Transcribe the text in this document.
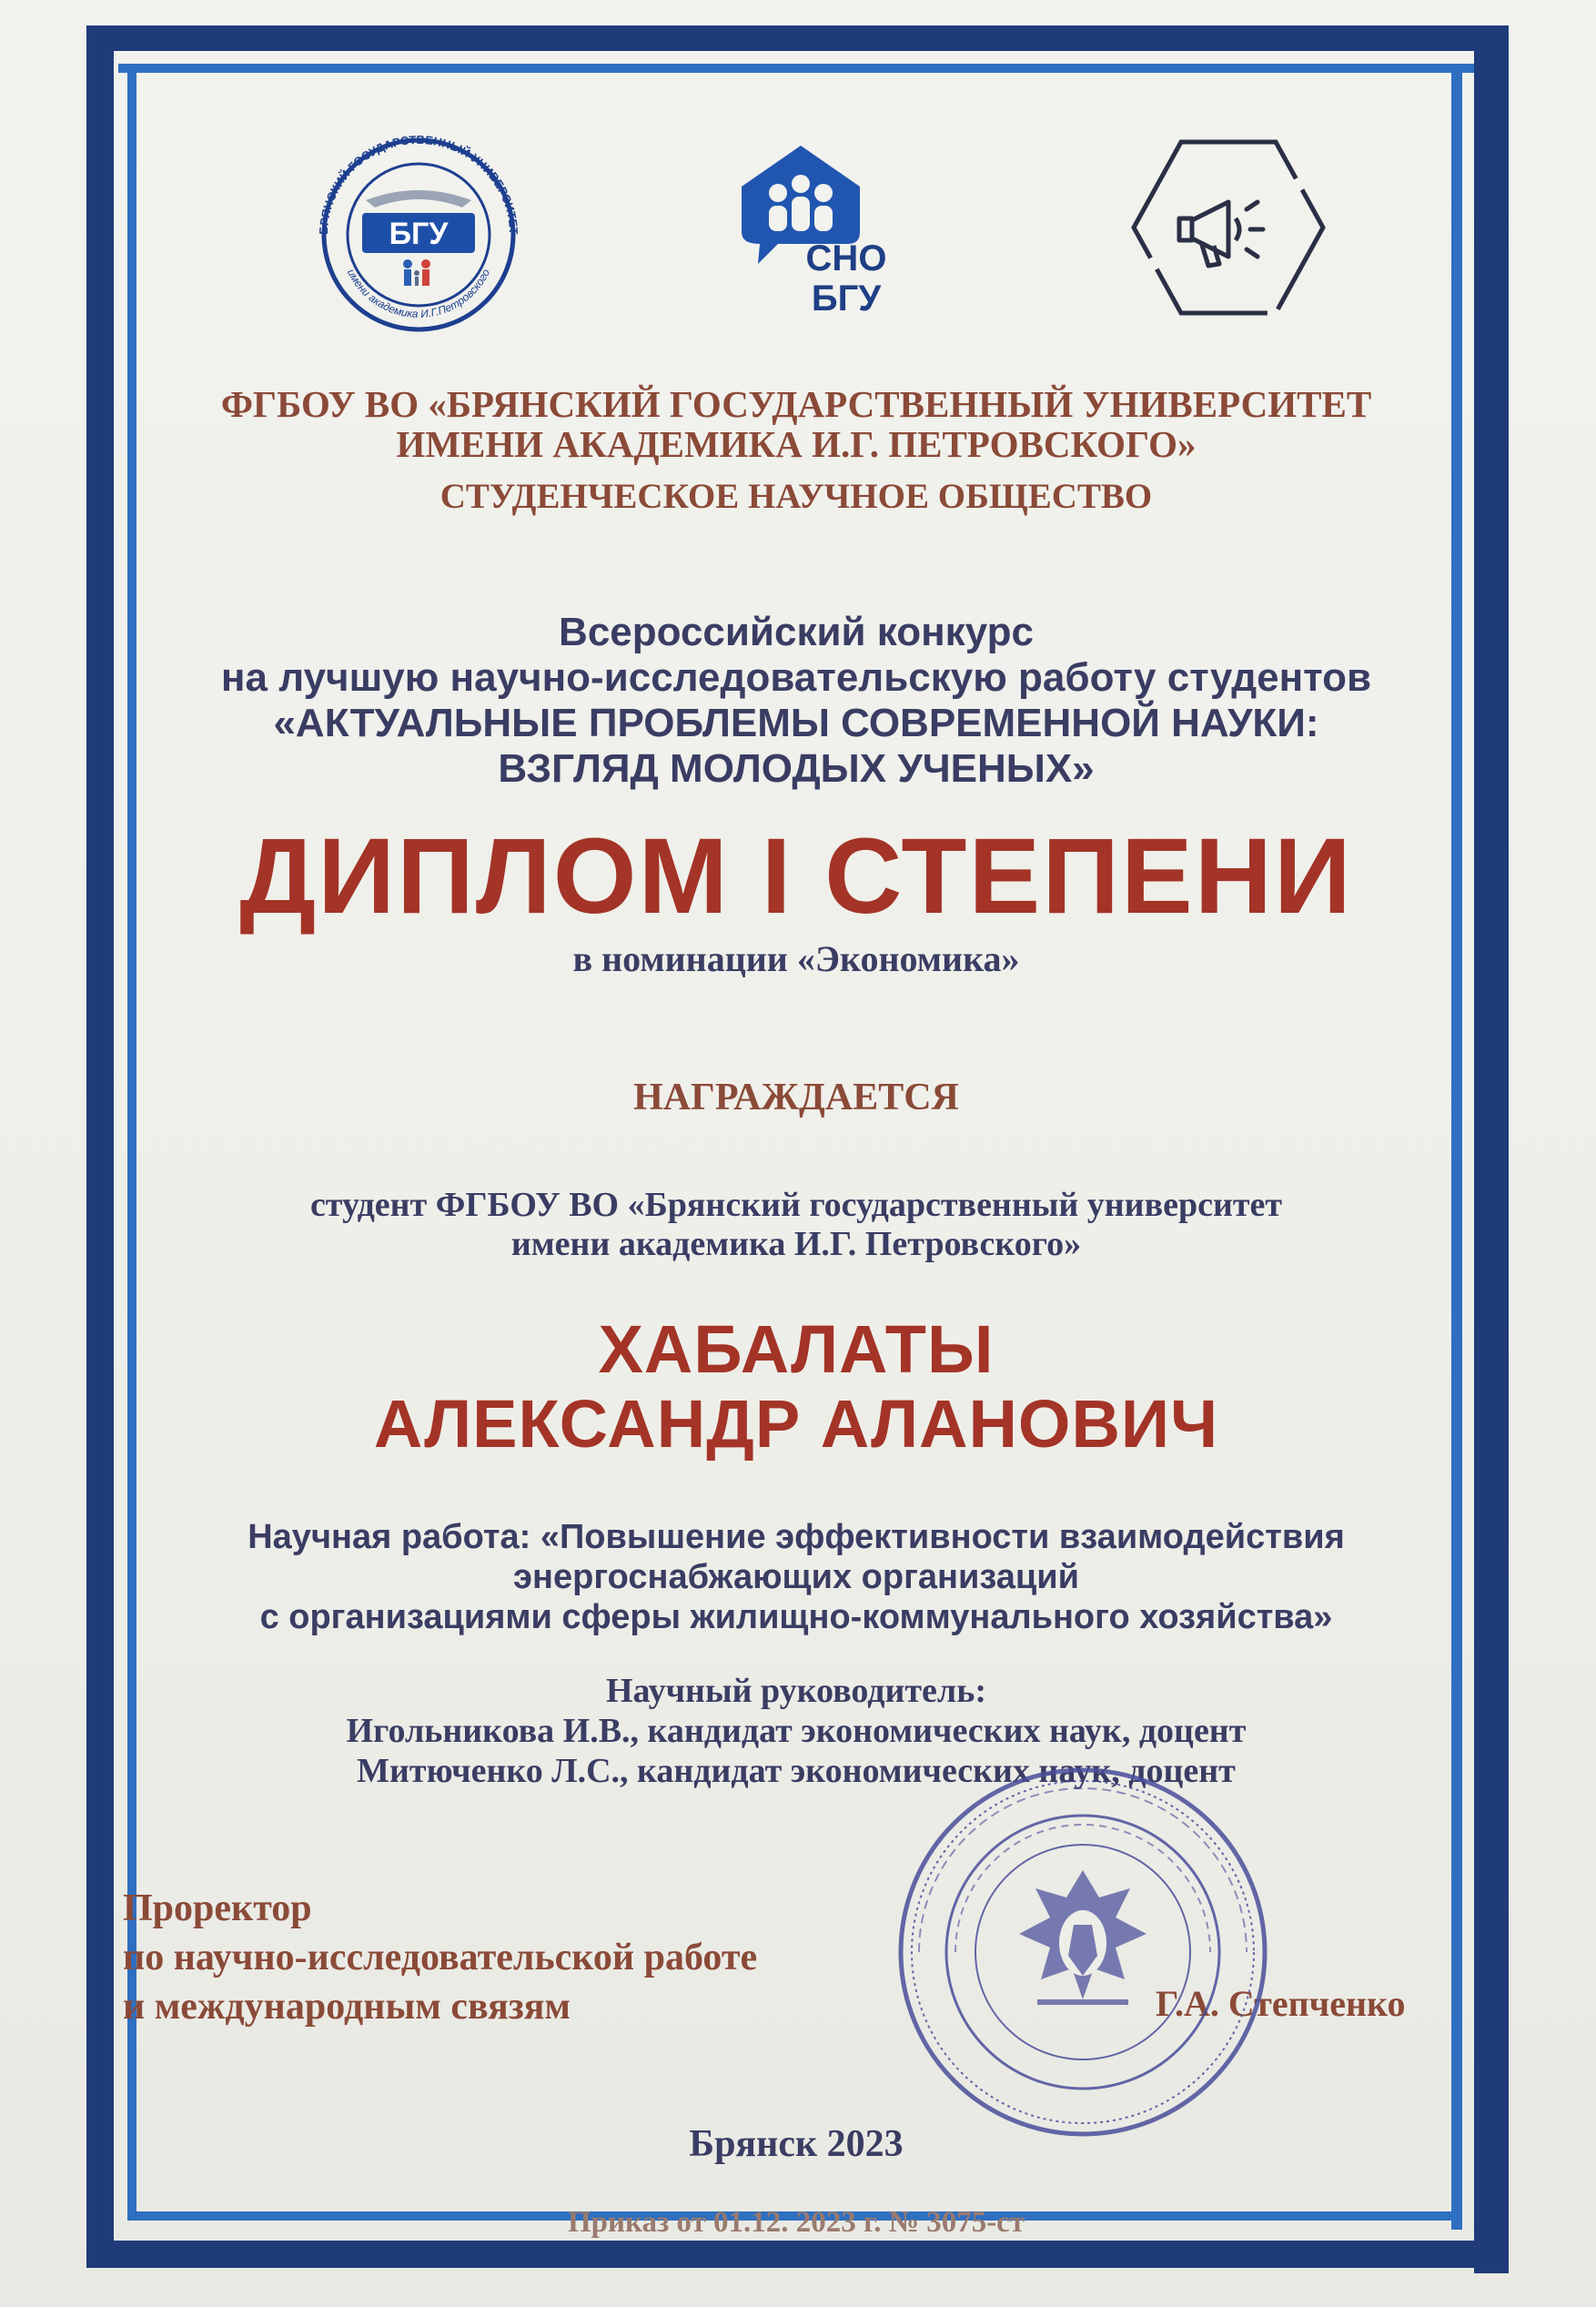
БРЯНСКИЙ ГОСУДАРСТВЕННЫЙ УНИВЕРСИТЕТ
имени академика И.Г.Петровского
БГУ
СНО
БГУ

ФГБОУ ВО «БРЯНСКИЙ ГОСУДАРСТВЕННЫЙ УНИВЕРСИТЕТ

ИМЕНИ АКАДЕМИКА И.Г. ПЕТРОВСКОГО»

СТУДЕНЧЕСКОЕ НАУЧНОЕ ОБЩЕСТВО

Всероссийский конкурс

на лучшую научно-исследовательскую работу студентов

«АКТУАЛЬНЫЕ ПРОБЛЕМЫ СОВРЕМЕННОЙ НАУКИ:

ВЗГЛЯД МОЛОДЫХ УЧЕНЫХ»

ДИПЛОМ I СТЕПЕНИ

в номинации «Экономика»

НАГРАЖДАЕТСЯ

студент ФГБОУ ВО «Брянский государственный университет

имени академика И.Г. Петровского»

ХАБАЛАТЫ

АЛЕКСАНДР АЛАНОВИЧ

Научная работа: «Повышение эффективности взаимодействия

энергоснабжающих организаций

с организациями сферы жилищно-коммунального хозяйства»

Научный руководитель:

Игольникова И.В., кандидат экономических наук, доцент

Митюченко Л.С., кандидат экономических наук, доцент

Проректор
по научно-исследовательской работе
и международным связям	Г.А. Степченко

Брянск 2023

Приказ от 01.12. 2023 г. № 3075-ст
